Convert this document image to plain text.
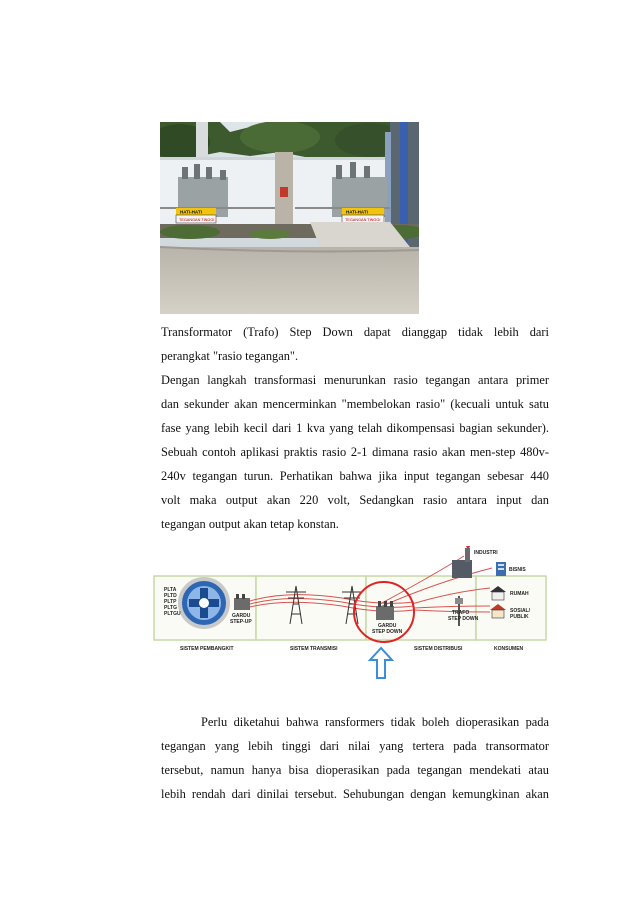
HATI-HATI
TEGANGAN TINGGI
HATI-HATI
TEGANGAN TINGGI
Transformator (Trafo) Step Down dapat dianggap tidak lebih dari
perangkat "rasio tegangan".
Dengan langkah transformasi menurunkan rasio tegangan antara primer
dan sekunder akan mencerminkan "membelokan rasio" (kecuali untuk satu
fase yang lebih kecil dari 1 kva yang telah dikompensasi bagian sekunder).
Sebuah contoh aplikasi praktis rasio 2-1 dimana rasio akan men-step 480v-
240v tegangan turun. Perhatikan bahwa jika input tegangan sebesar 440
volt maka output akan 220 volt, Sedangkan rasio antara input dan
tegangan output akan tetap konstan.
PLTA
PLTD
PLTP
PLTG
PLTGU	GARDU
STEP-UP
GARDU
STEP DOWN
TRAFO
STEP DOWN
INDUSTRI
BISNIS
RUMAH
SOSIAL/
PUBLIK
SISTEM PEMBANGKIT	SISTEM TRANSMISI	SISTEM DISTRIBUSI	KONSUMEN
Perlu diketahui bahwa ransformers tidak boleh dioperasikan pada
tegangan yang lebih tinggi dari nilai yang tertera pada transormator
tersebut, namun hanya bisa dioperasikan pada tegangan mendekati atau
lebih rendah dari dinilai tersebut. Sehubungan dengan kemungkinan akan
